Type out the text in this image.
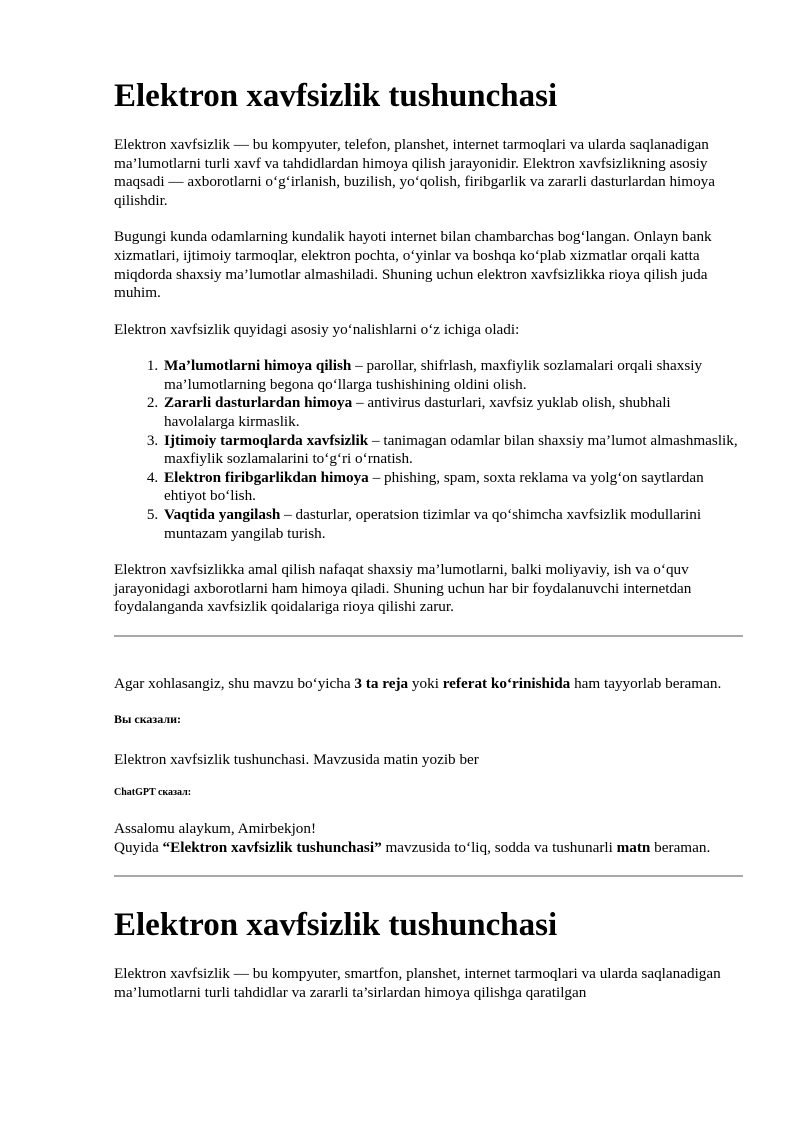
Elektron xavfsizlik tushunchasi

Elektron xavfsizlik — bu kompyuter, telefon, planshet, internet tarmoqlari va ularda saqlanadigan ma’lumotlarni turli xavf va tahdidlardan himoya qilish jarayonidir. Elektron xavfsizlikning asosiy maqsadi — axborotlarni o‘g‘irlanish, buzilish, yo‘qolish, firibgarlik va zararli dasturlardan himoya qilishdir.

Bugungi kunda odamlarning kundalik hayoti internet bilan chambarchas bog‘langan. Onlayn bank xizmatlari, ijtimoiy tarmoqlar, elektron pochta, o‘yinlar va boshqa ko‘plab xizmatlar orqali katta miqdorda shaxsiy ma’lumotlar almashiladi. Shuning uchun elektron xavfsizlikka rioya qilish juda muhim.

Elektron xavfsizlik quyidagi asosiy yo‘nalishlarni o‘z ichiga oladi:

1. Ma’lumotlarni himoya qilish – parollar, shifrlash, maxfiylik sozlamalari orqali shaxsiy ma’lumotlarning begona qo‘llarga tushishining oldini olish.
2. Zararli dasturlardan himoya – antivirus dasturlari, xavfsiz yuklab olish, shubhali havolalarga kirmaslik.
3. Ijtimoiy tarmoqlarda xavfsizlik – tanimagan odamlar bilan shaxsiy ma’lumot almashmaslik, maxfiylik sozlamalarini to‘g‘ri o‘rnatish.
4. Elektron firibgarlikdan himoya – phishing, spam, soxta reklama va yolg‘on saytlardan ehtiyot bo‘lish.
5. Vaqtida yangilash – dasturlar, operatsion tizimlar va qo‘shimcha xavfsizlik modullarini muntazam yangilab turish.

Elektron xavfsizlikka amal qilish nafaqat shaxsiy ma’lumotlarni, balki moliyaviy, ish va o‘quv jarayonidagi axborotlarni ham himoya qiladi. Shuning uchun har bir foydalanuvchi internetdan foydalanganda xavfsizlik qoidalariga rioya qilishi zarur.

Agar xohlasangiz, shu mavzu bo‘yicha 3 ta reja yoki referat ko‘rinishida ham tayyorlab beraman.

Вы сказали:

Elektron xavfsizlik tushunchasi. Mavzusida matin yozib ber

ChatGPT сказал:

Assalomu alaykum, Amirbekjon!

Quyida “Elektron xavfsizlik tushunchasi” mavzusida to‘liq, sodda va tushunarli matn beraman.

Elektron xavfsizlik tushunchasi

Elektron xavfsizlik — bu kompyuter, smartfon, planshet, internet tarmoqlari va ularda saqlanadigan ma’lumotlarni turli tahdidlar va zararli ta’sirlardan himoya qilishga qaratilgan
